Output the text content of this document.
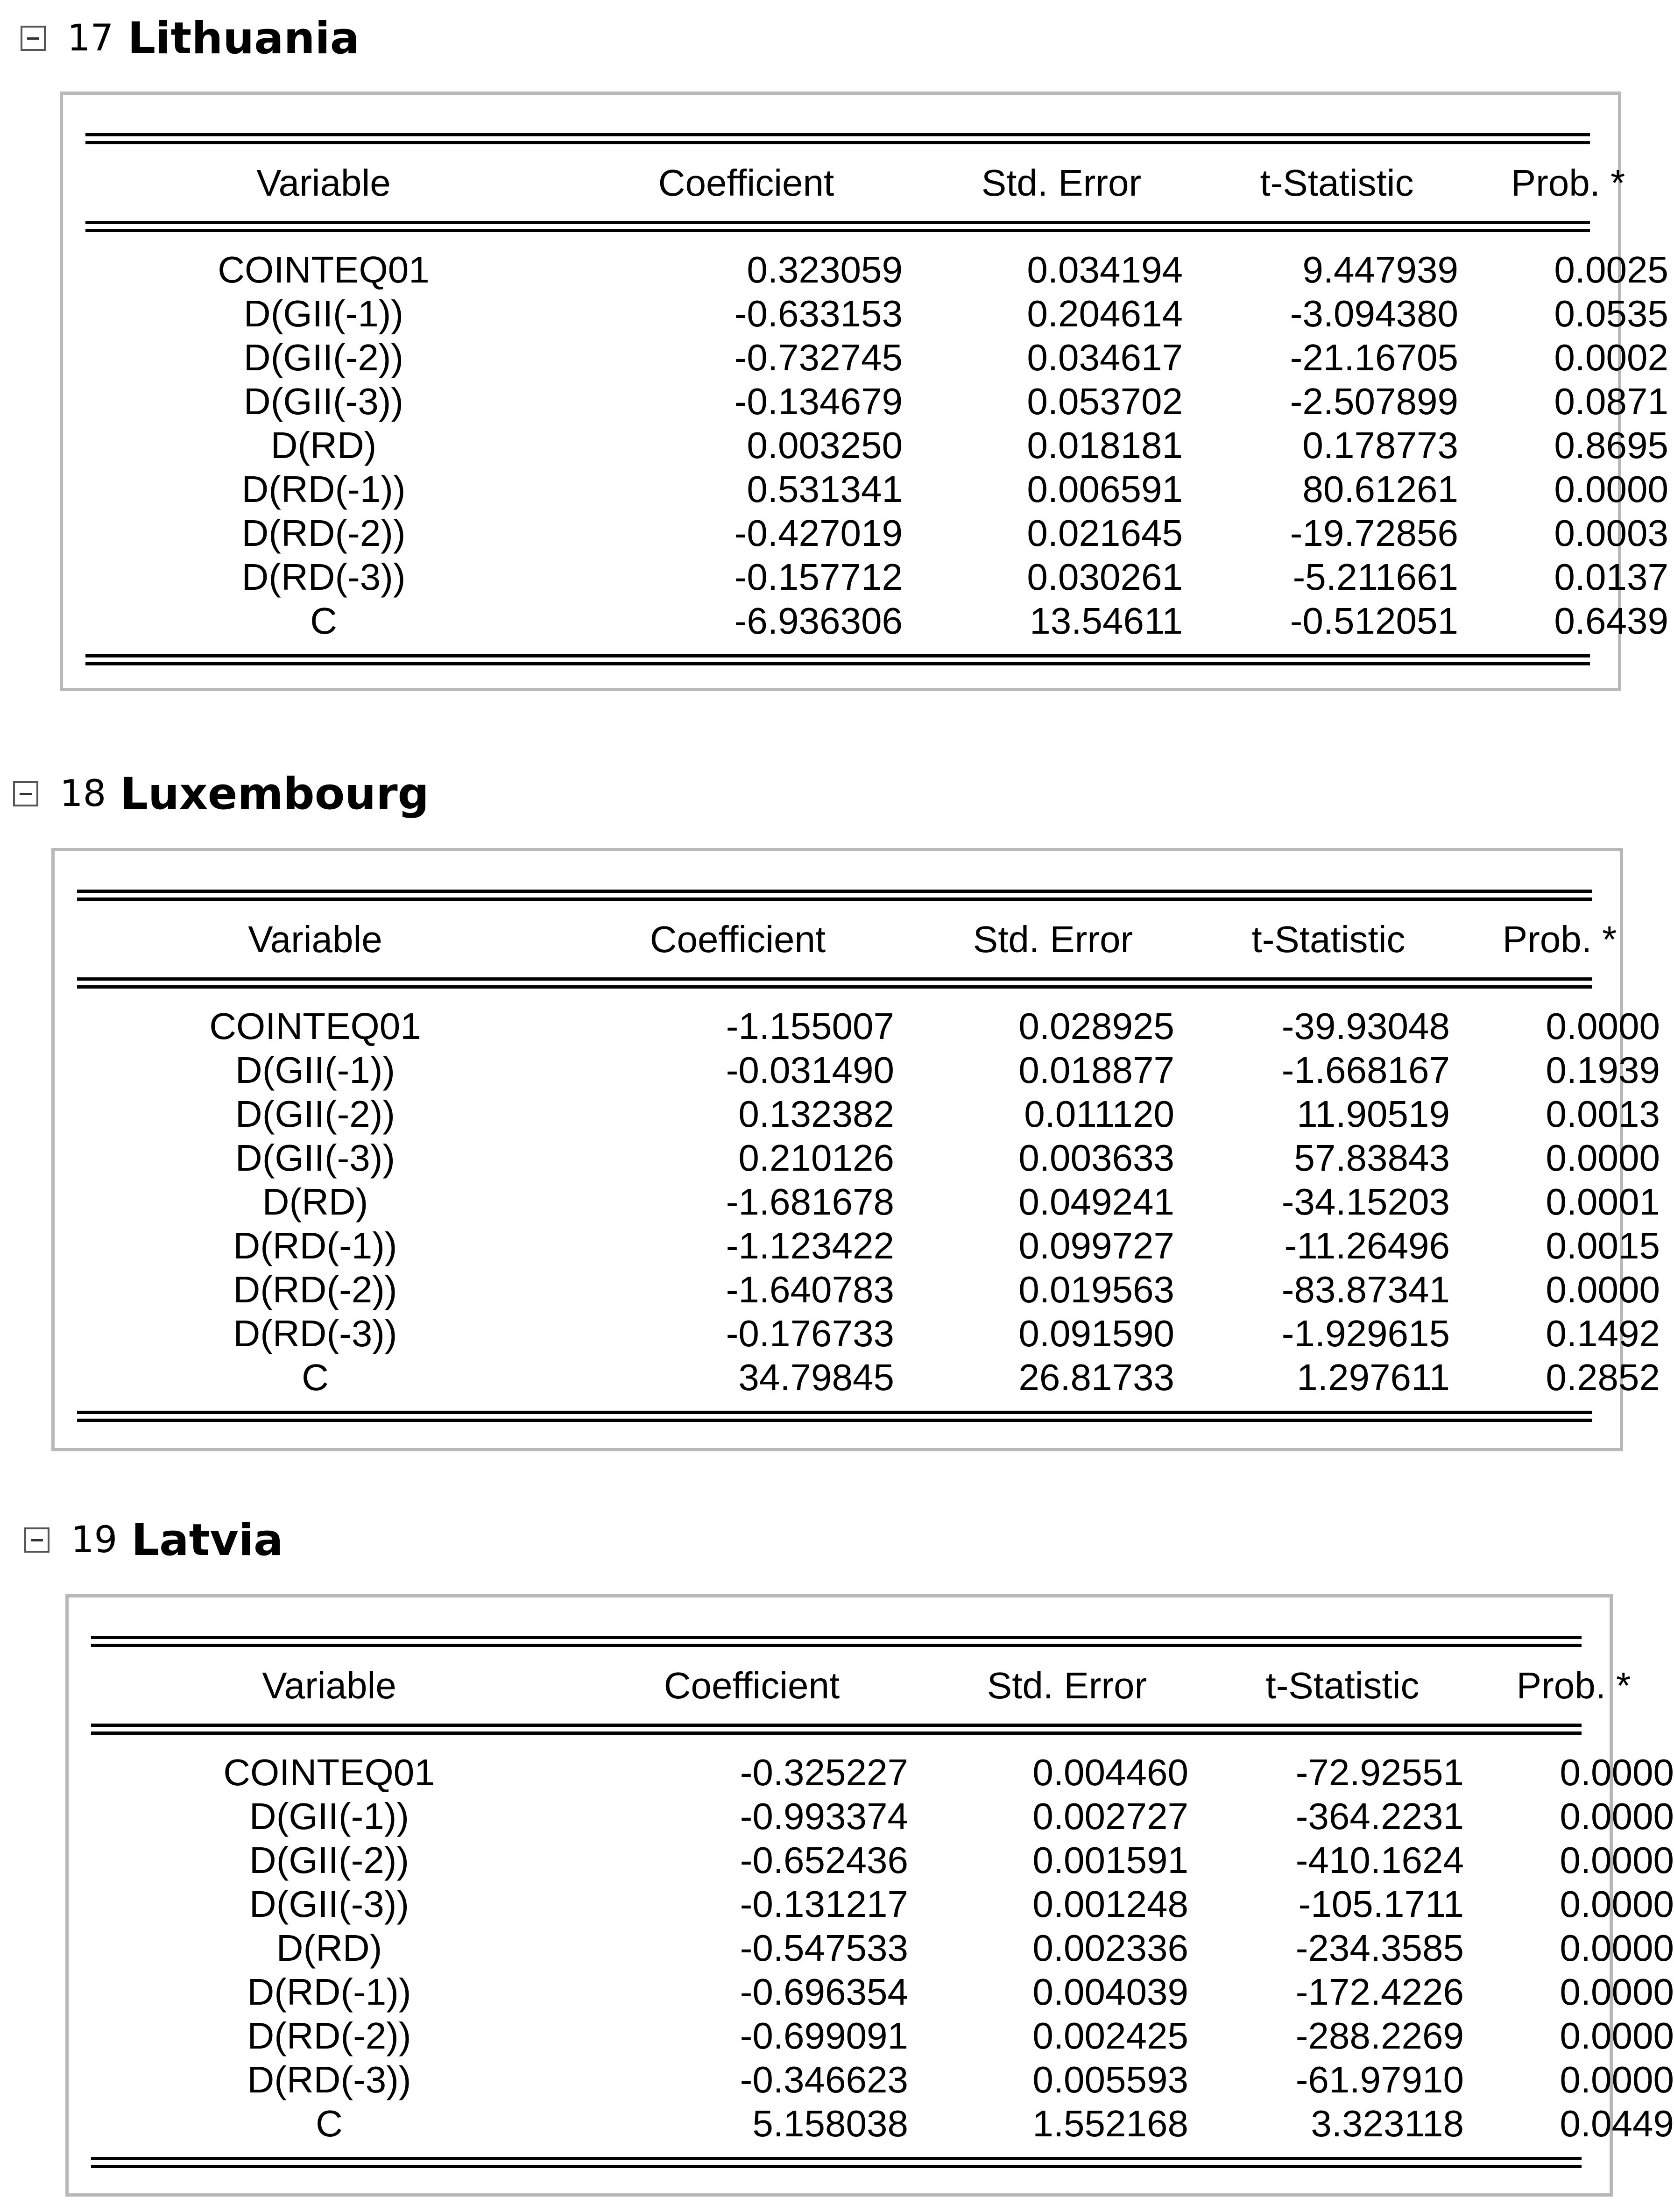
17 Lithuania
Variable	Coefficient	Std. Error	t-Statistic	Prob. *
COINTEQ01	0.323059	0.034194	9.447939	0.0025
D(GII(-1))	-0.633153	0.204614	-3.094380	0.0535
D(GII(-2))	-0.732745	0.034617	-21.16705	0.0002
D(GII(-3))	-0.134679	0.053702	-2.507899	0.0871
D(RD)	0.003250	0.018181	0.178773	0.8695
D(RD(-1))	0.531341	0.006591	80.61261	0.0000
D(RD(-2))	-0.427019	0.021645	-19.72856	0.0003
D(RD(-3))	-0.157712	0.030261	-5.211661	0.0137
C	-6.936306	13.54611	-0.512051	0.6439
18 Luxembourg
Variable	Coefficient	Std. Error	t-Statistic	Prob. *
COINTEQ01	-1.155007	0.028925	-39.93048	0.0000
D(GII(-1))	-0.031490	0.018877	-1.668167	0.1939
D(GII(-2))	0.132382	0.011120	11.90519	0.0013
D(GII(-3))	0.210126	0.003633	57.83843	0.0000
D(RD)	-1.681678	0.049241	-34.15203	0.0001
D(RD(-1))	-1.123422	0.099727	-11.26496	0.0015
D(RD(-2))	-1.640783	0.019563	-83.87341	0.0000
D(RD(-3))	-0.176733	0.091590	-1.929615	0.1492
C	34.79845	26.81733	1.297611	0.2852
19 Latvia
Variable	Coefficient	Std. Error	t-Statistic	Prob. *
COINTEQ01	-0.325227	0.004460	-72.92551	0.0000
D(GII(-1))	-0.993374	0.002727	-364.2231	0.0000
D(GII(-2))	-0.652436	0.001591	-410.1624	0.0000
D(GII(-3))	-0.131217	0.001248	-105.1711	0.0000
D(RD)	-0.547533	0.002336	-234.3585	0.0000
D(RD(-1))	-0.696354	0.004039	-172.4226	0.0000
D(RD(-2))	-0.699091	0.002425	-288.2269	0.0000
D(RD(-3))	-0.346623	0.005593	-61.97910	0.0000
C	5.158038	1.552168	3.323118	0.0449
